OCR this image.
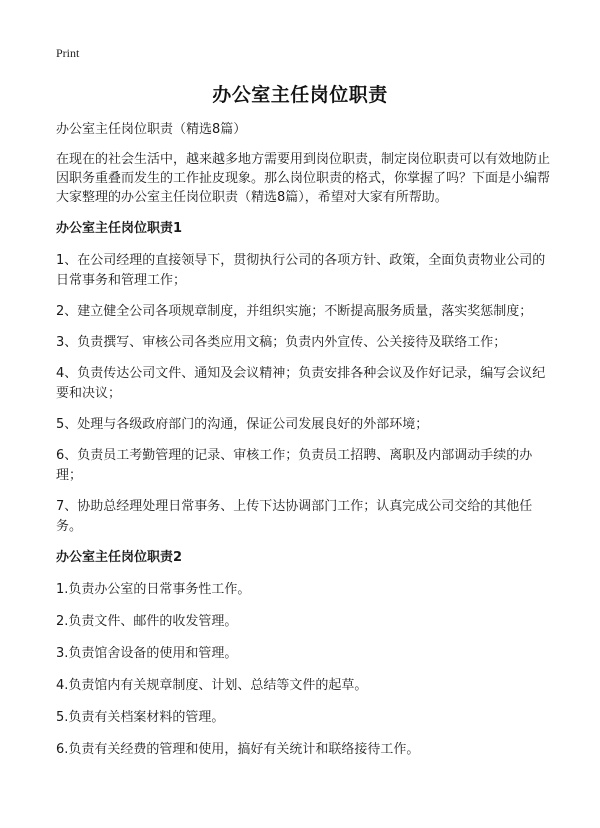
Print
办公室主任岗位职责

办公室主任岗位职责（精选8篇）

在现在的社会生活中，越来越多地方需要用到岗位职责，制定岗位职责可以有效地防止因职务重叠而发生的工作扯皮现象。那么岗位职责的格式，你掌握了吗？下面是小编帮大家整理的办公室主任岗位职责（精选8篇），希望对大家有所帮助。

办公室主任岗位职责1
1、在公司经理的直接领导下，贯彻执行公司的各项方针、政策，全面负责物业公司的日常事务和管理工作；
2、建立健全公司各项规章制度，并组织实施；不断提高服务质量，落实奖惩制度；
3、负责撰写、审核公司各类应用文稿；负责内外宣传、公关接待及联络工作；
4、负责传达公司文件、通知及会议精神；负责安排各种会议及作好记录，编写会议纪要和决议；
5、处理与各级政府部门的沟通，保证公司发展良好的外部环境；
6、负责员工考勤管理的记录、审核工作；负责员工招聘、离职及内部调动手续的办理；
7、协助总经理处理日常事务、上传下达协调部门工作；认真完成公司交给的其他任务。
办公室主任岗位职责2
1.负责办公室的日常事务性工作。
2.负责文件、邮件的收发管理。
3.负责馆舍设备的使用和管理。
4.负责馆内有关规章制度、计划、总结等文件的起草。
5.负责有关档案材料的管理。
6.负责有关经费的管理和使用，搞好有关统计和联络接待工作。
